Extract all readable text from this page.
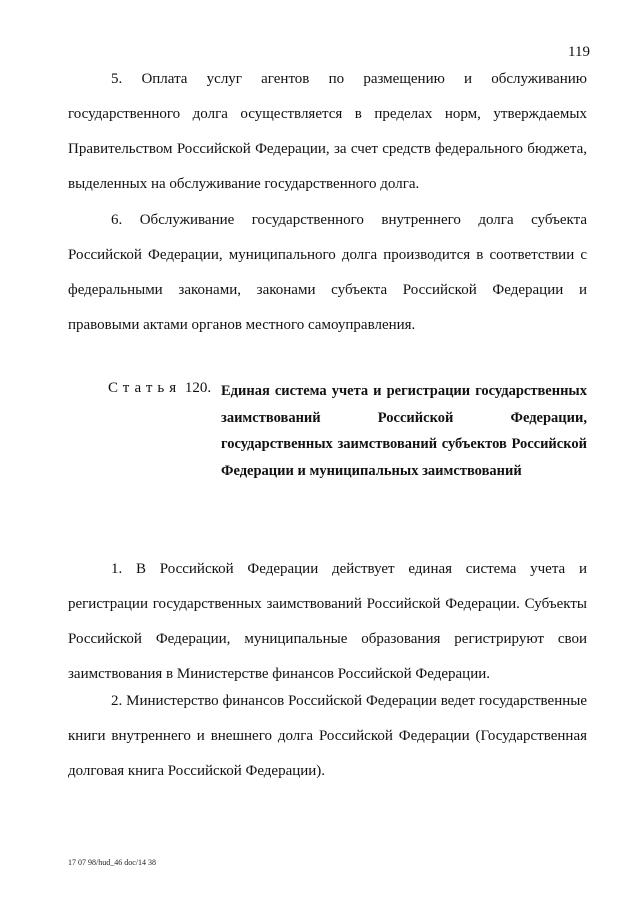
119

5. Оплата услуг агентов по размещению и обслуживанию государственного долга осуществляется в пределах норм, утверждаемых Правительством Российской Федерации, за счет средств федерального бюджета, выделенных на обслуживание государственного долга.

6. Обслуживание государственного внутреннего долга субъекта Российской Федерации, муниципального долга производится в соответствии с федеральными законами, законами субъекта Российской Федерации и правовыми актами органов местного самоуправления.

Статья 120. Единая система учета и регистрации государственных заимствований Российской Федерации, государственных заимствований субъектов Российской Федерации и муниципальных заимствований

1. В Российской Федерации действует единая система учета и регистрации государственных заимствований Российской Федерации. Субъекты Российской Федерации, муниципальные образования регистрируют свои заимствования в Министерстве финансов Российской Федерации.

2. Министерство финансов Российской Федерации ведет государственные книги внутреннего и внешнего долга Российской Федерации (Государственная долговая книга Российской Федерации).

17 07 98/hud_46 doc/14 38
